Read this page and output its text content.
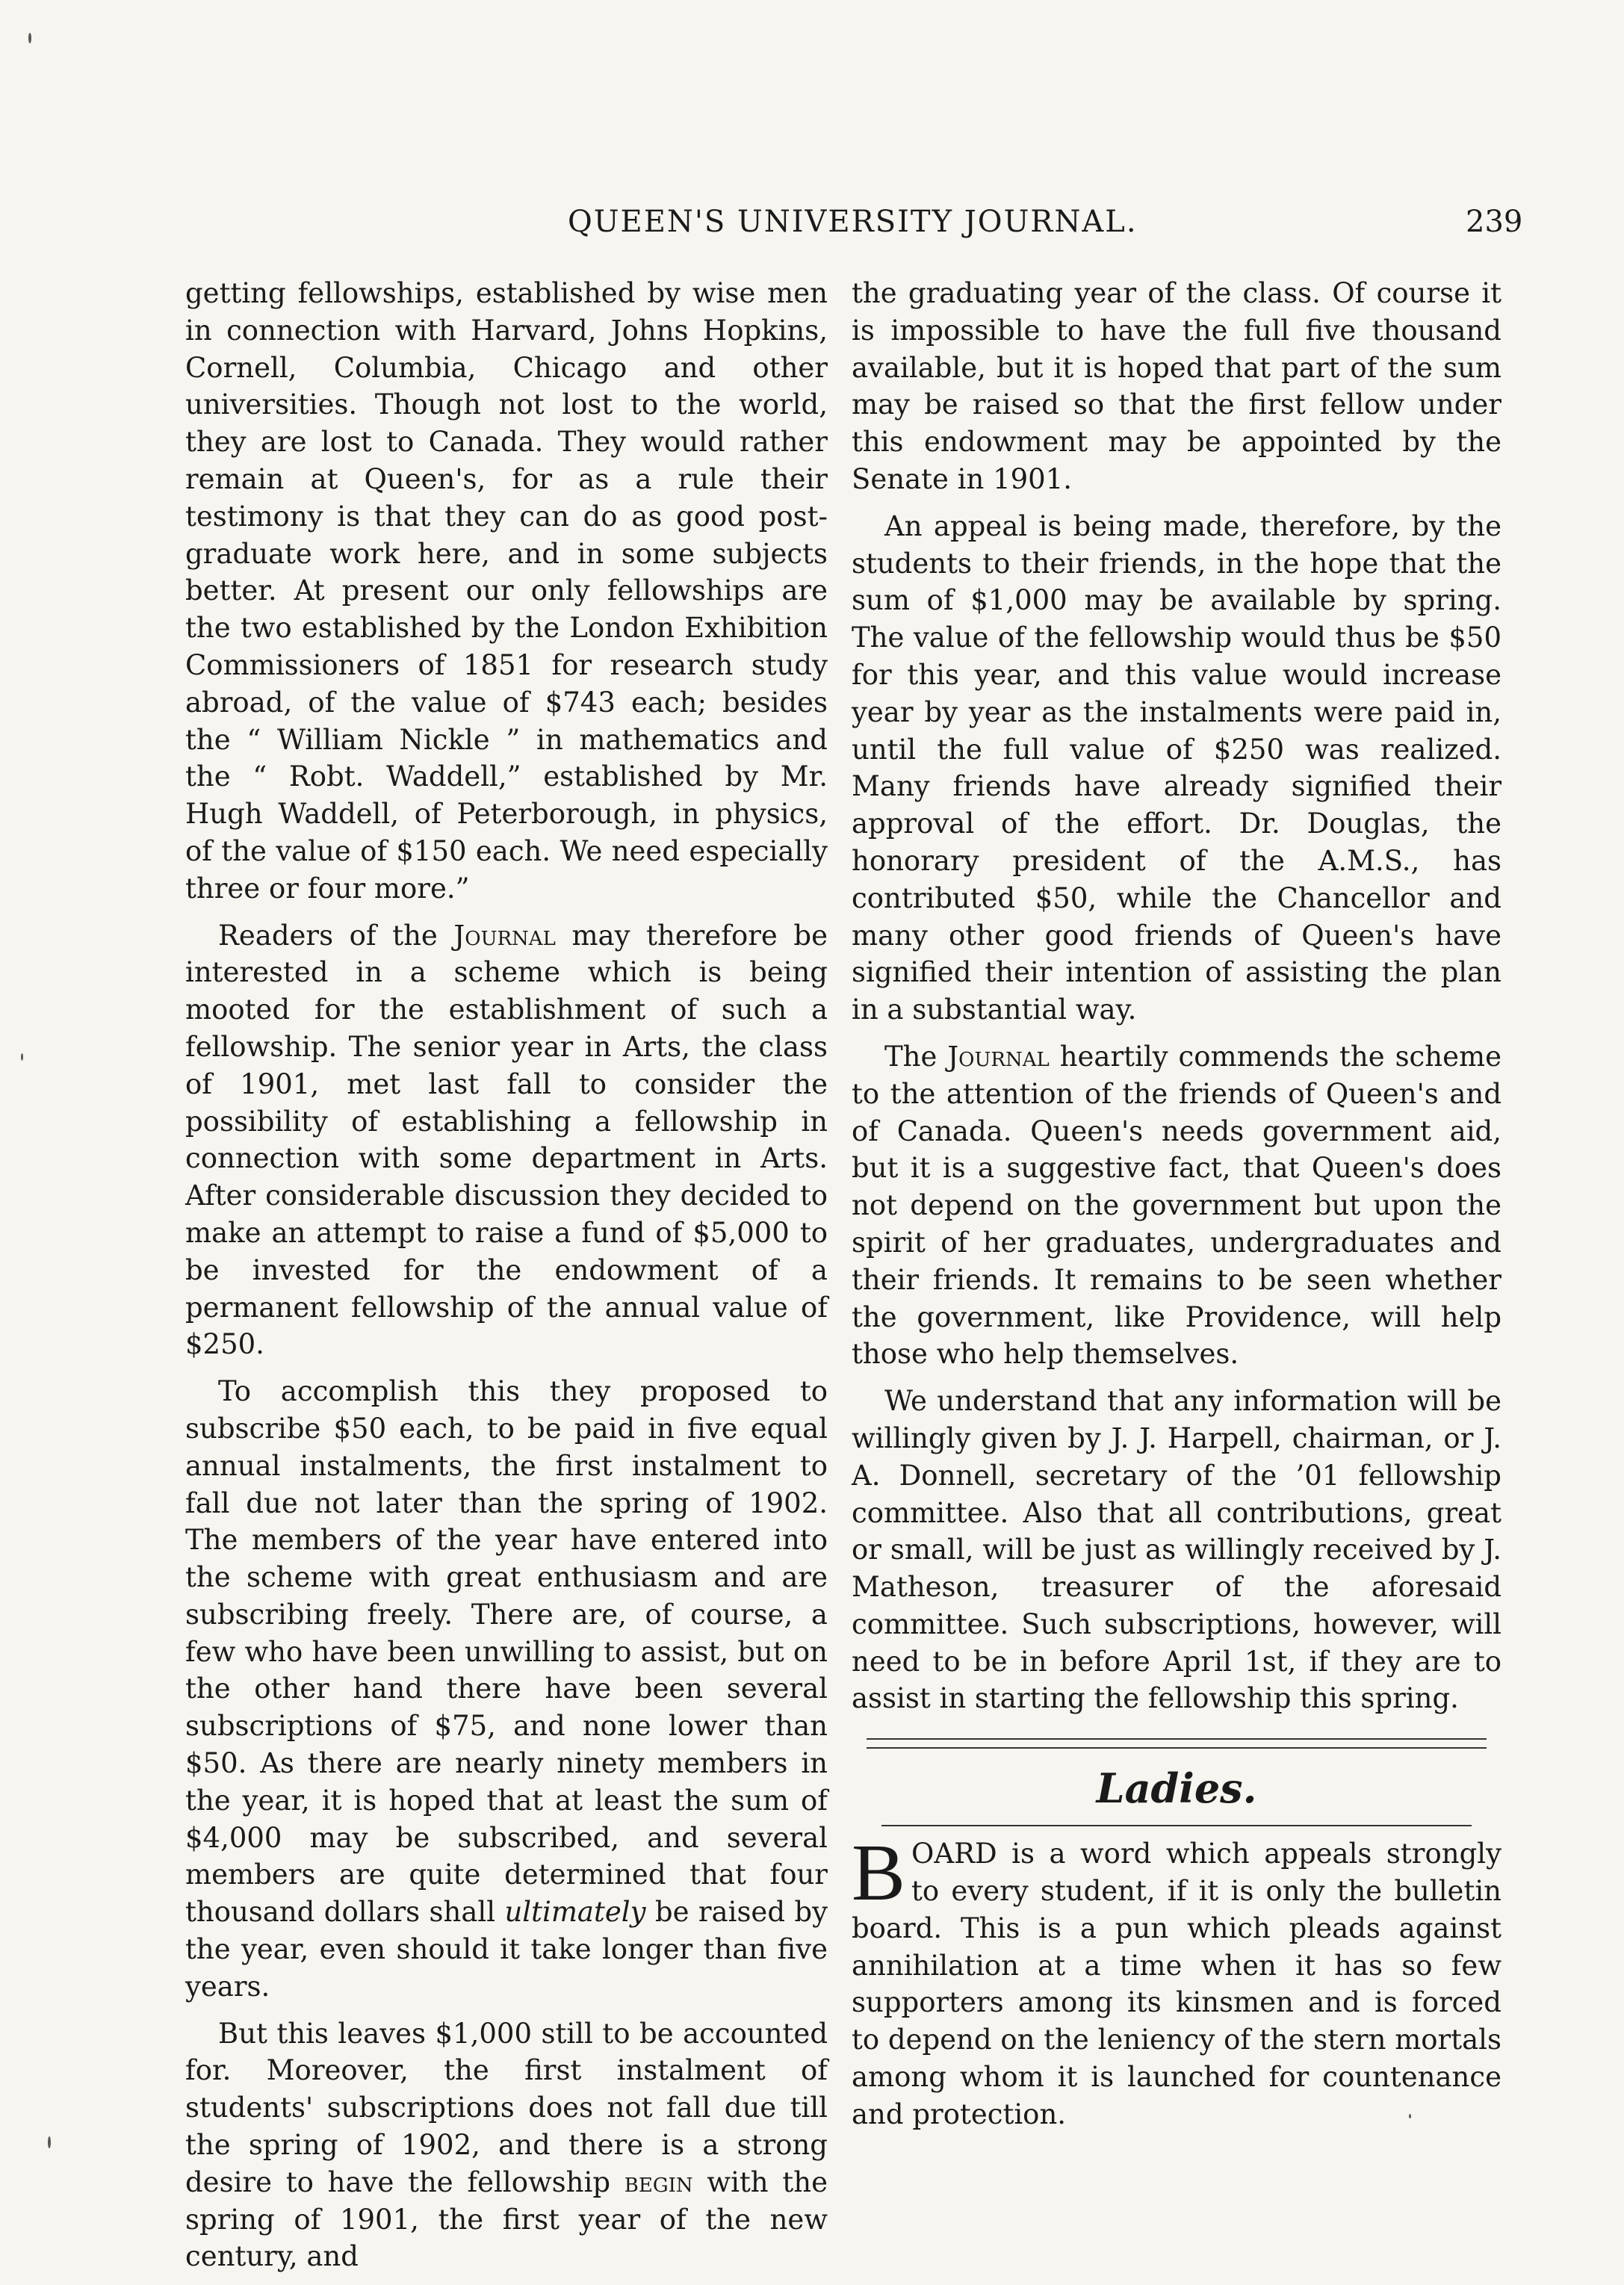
QUEEN'S UNIVERSITY JOURNAL.	239

getting fellowships, established by wise men in connection with Harvard, Johns Hopkins, Cornell, Columbia, Chicago and other universities. Though not lost to the world, they are lost to Canada. They would rather remain at Queen's, for as a rule their testimony is that they can do as good post-graduate work here, and in some subjects better. At present our only fellowships are the two established by the London Exhibition Commissioners of 1851 for research study abroad, of the value of $743 each; besides the “ William Nickle ” in mathematics and the “ Robt. Waddell,” established by Mr. Hugh Waddell, of Peterborough, in physics, of the value of $150 each. We need especially three or four more.”

Readers of the Journal may therefore be interested in a scheme which is being mooted for the establishment of such a fellowship. The senior year in Arts, the class of 1901, met last fall to consider the possibility of establishing a fellowship in connection with some department in Arts. After considerable discussion they decided to make an attempt to raise a fund of $5,000 to be invested for the endowment of a permanent fellowship of the annual value of $250.

To accomplish this they proposed to subscribe $50 each, to be paid in five equal annual instalments, the first instalment to fall due not later than the spring of 1902. The members of the year have entered into the scheme with great enthusiasm and are subscribing freely. There are, of course, a few who have been unwilling to assist, but on the other hand there have been several subscriptions of $75, and none lower than $50. As there are nearly ninety members in the year, it is hoped that at least the sum of $4,000 may be subscribed, and several members are quite determined that four thousand dollars shall ultimately be raised by the year, even should it take longer than five years.

But this leaves $1,000 still to be accounted for. Moreover, the first instalment of students' subscriptions does not fall due till the spring of 1902, and there is a strong desire to have the fellowship begin with the spring of 1901, the first year of the new century, and

the graduating year of the class. Of course it is impossible to have the full five thousand available, but it is hoped that part of the sum may be raised so that the first fellow under this endowment may be appointed by the Senate in 1901.

An appeal is being made, therefore, by the students to their friends, in the hope that the sum of $1,000 may be available by spring. The value of the fellowship would thus be $50 for this year, and this value would increase year by year as the instalments were paid in, until the full value of $250 was realized. Many friends have already signified their approval of the effort. Dr. Douglas, the honorary president of the A.M.S., has contributed $50, while the Chancellor and many other good friends of Queen's have signified their intention of assisting the plan in a substantial way.

The Journal heartily commends the scheme to the attention of the friends of Queen's and of Canada. Queen's needs government aid, but it is a suggestive fact, that Queen's does not depend on the government but upon the spirit of her graduates, undergraduates and their friends. It remains to be seen whether the government, like Providence, will help those who help themselves.

We understand that any information will be willingly given by J. J. Harpell, chairman, or J. A. Donnell, secretary of the ’01 fellowship committee. Also that all contributions, great or small, will be just as willingly received by J. Matheson, treasurer of the aforesaid committee. Such subscriptions, however, will need to be in before April 1st, if they are to assist in starting the fellowship this spring.

Ladies.

BOARD is a word which appeals strongly to every student, if it is only the bulletin board. This is a pun which pleads against annihilation at a time when it has so few supporters among its kinsmen and is forced to depend on the leniency of the stern mortals among whom it is launched for countenance and protection.
